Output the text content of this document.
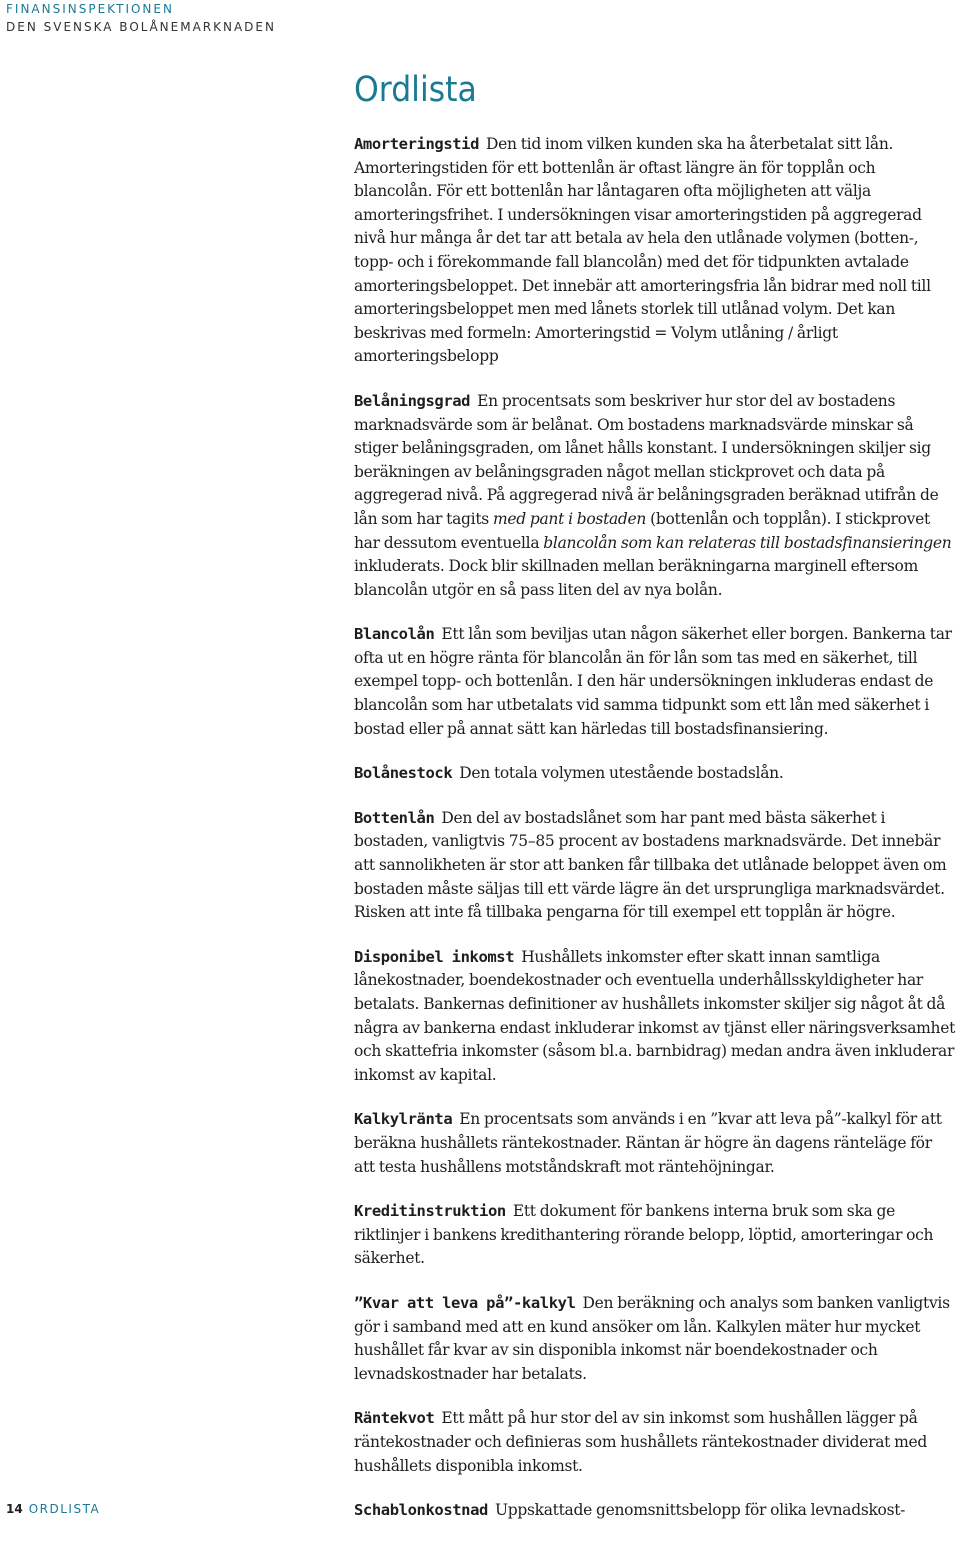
FINANSINSPEKTIONEN
DEN SVENSKA BOLÅNEMARKNADEN
Ordlista

Amorteringstid Den tid inom vilken kunden ska ha återbetalat sitt lån. Amorteringstiden för ett bottenlån är oftast längre än för topplån och blancolån. För ett bottenlån har låntagaren ofta möjligheten att välja amorteringsfrihet. I undersökningen visar amorteringstiden på aggregerad nivå hur många år det tar att betala av hela den utlånade volymen (botten-, topp- och i förekommande fall blancolån) med det för tidpunkten avtalade amorteringsbeloppet. Det innebär att amorteringsfria lån bidrar med noll till amorteringsbeloppet men med lånets storlek till utlånad volym. Det kan beskrivas med formeln: Amorteringstid = Volym utlåning / årligt amorteringsbelopp

Belåningsgrad En procentsats som beskriver hur stor del av bostadens marknadsvärde som är belånat. Om bostadens marknadsvärde minskar så stiger belåningsgraden, om lånet hålls konstant. I undersökningen skiljer sig beräkningen av belåningsgraden något mellan stickprovet och data på aggregerad nivå. På aggregerad nivå är belåningsgraden beräknad utifrån de lån som har tagits med pant i bostaden (bottenlån och topplån). I stickprovet har dessutom eventuella blancolån som kan relateras till bostadsfinansieringen inkluderats. Dock blir skillnaden mellan beräkningarna marginell eftersom blancolån utgör en så pass liten del av nya bolån.

Blancolån Ett lån som beviljas utan någon säkerhet eller borgen. Bankerna tar ofta ut en högre ränta för blancolån än för lån som tas med en säkerhet, till exempel topp- och bottenlån. I den här undersökningen inkluderas endast de blancolån som har utbetalats vid samma tidpunkt som ett lån med säkerhet i bostad eller på annat sätt kan härledas till bostadsfinansiering.

Bolånestock Den totala volymen utestående bostadslån.

Bottenlån Den del av bostadslånet som har pant med bästa säkerhet i bostaden, vanligtvis 75–85 procent av bostadens marknadsvärde. Det innebär att sannolikheten är stor att banken får tillbaka det utlånade beloppet även om bostaden måste säljas till ett värde lägre än det ursprungliga marknadsvärdet. Risken att inte få tillbaka pengarna för till exempel ett topplån är högre.

Disponibel inkomst Hushållets inkomster efter skatt innan samtliga lånekostnader, boendekostnader och eventuella underhållsskyldigheter har betalats. Bankernas definitioner av hushållets inkomster skiljer sig något åt då några av bankerna endast inkluderar inkomst av tjänst eller näringsverksamhet och skattefria inkomster (såsom bl.a. barnbidrag) medan andra även inkluderar inkomst av kapital.

Kalkylränta En procentsats som används i en ”kvar att leva på”-kalkyl för att beräkna hushållets räntekostnader. Räntan är högre än dagens ränteläge för att testa hushållens motståndskraft mot räntehöjningar.

Kreditinstruktion Ett dokument för bankens interna bruk som ska ge riktlinjer i bankens kredithantering rörande belopp, löptid, amorteringar och säkerhet.

”Kvar att leva på”-kalkyl Den beräkning och analys som banken vanligtvis gör i samband med att en kund ansöker om lån. Kalkylen mäter hur mycket hushållet får kvar av sin disponibla inkomst när boendekostnader och levnadskostnader har betalats.

Räntekvot Ett mått på hur stor del av sin inkomst som hushållen lägger på räntekostnader och definieras som hushållets räntekostnader dividerat med hushållets disponibla inkomst.

Schablonkostnad Uppskattade genomsnittsbelopp för olika levnadskost-

14 ORDLISTA
